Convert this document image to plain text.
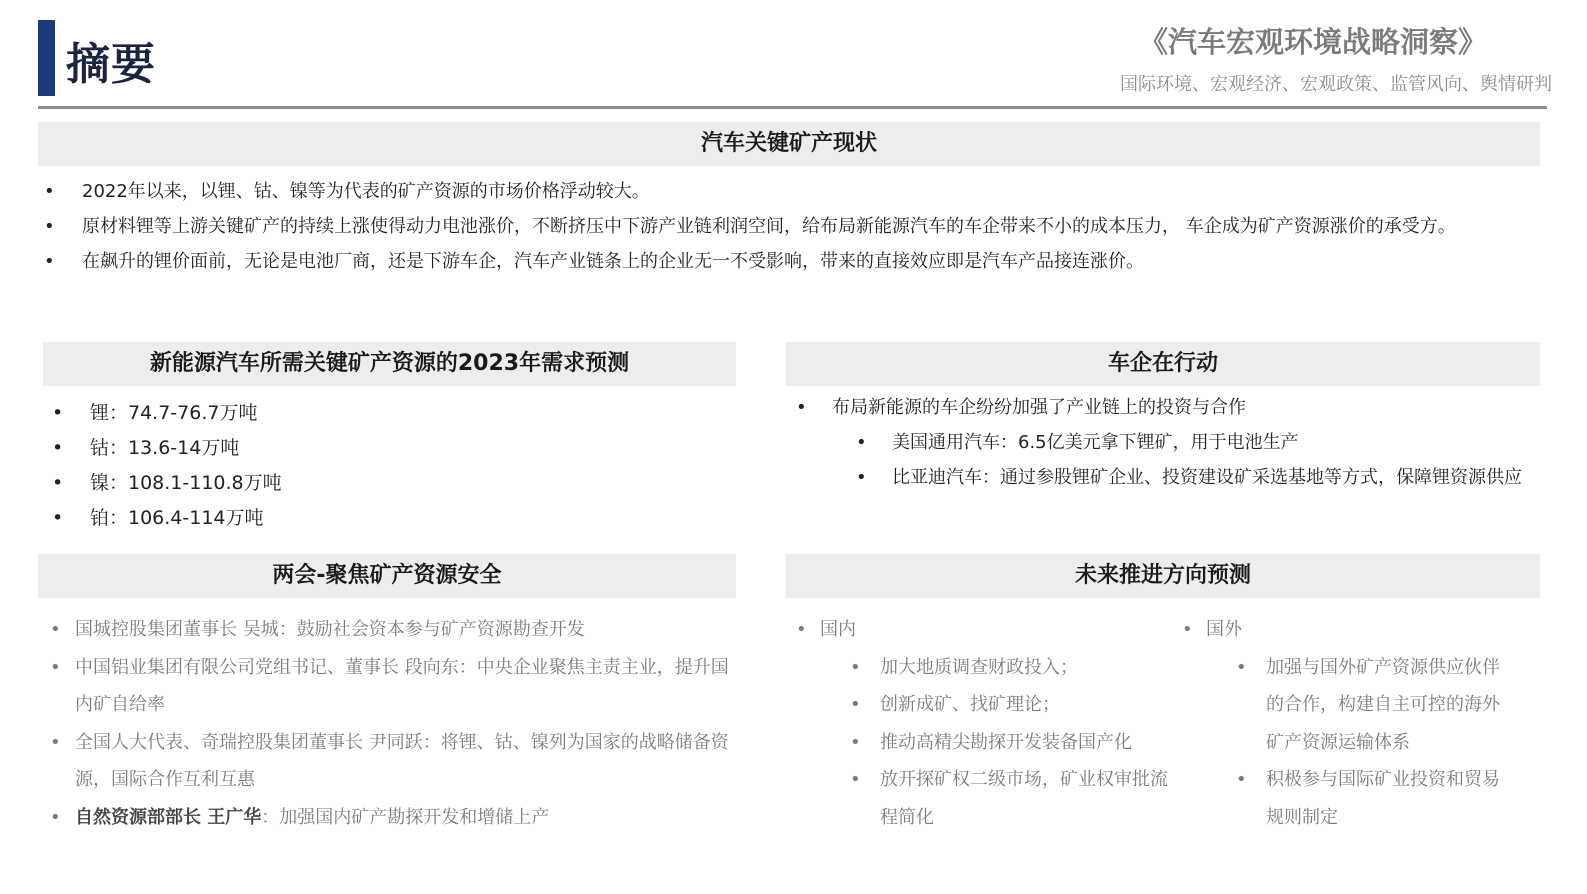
摘要	《汽车宏观环境战略洞察》
国际环境、宏观经济、宏观政策、监管风向、舆情研判
汽车关键矿产现状
• 2022年以来，以锂、钴、镍等为代表的矿产资源的市场价格浮动较大。
• 原材料锂等上游关键矿产的持续上涨使得动力电池涨价，不断挤压中下游产业链利润空间，给布局新能源汽车的车企带来不小的成本压力， 车企成为矿产资源涨价的承受方。
• 在飙升的锂价面前，无论是电池厂商，还是下游车企，汽车产业链条上的企业无一不受影响，带来的直接效应即是汽车产品接连涨价。
新能源汽车所需关键矿产资源的2023年需求预测
• 锂：74.7-76.7万吨
• 钴：13.6-14万吨
• 镍：108.1-110.8万吨
• 铂：106.4-114万吨
车企在行动
• 布局新能源的车企纷纷加强了产业链上的投资与合作
• 美国通用汽车：6.5亿美元拿下锂矿，用于电池生产
• 比亚迪汽车：通过参股锂矿企业、投资建设矿采选基地等方式，保障锂资源供应
两会-聚焦矿产资源安全
• 国城控股集团董事长 吴城：鼓励社会资本参与矿产资源勘查开发
• 中国铝业集团有限公司党组书记、董事长 段向东：中央企业聚焦主责主业，提升国内矿自给率
• 全国人大代表、奇瑞控股集团董事长 尹同跃：将锂、钴、镍列为国家的战略储备资源，国际合作互利互惠
• 自然资源部部长 王广华：加强国内矿产勘探开发和增储上产
未来推进方向预测
• 国内
• 加大地质调查财政投入；
• 创新成矿、找矿理论；
• 推动高精尖勘探开发装备国产化
• 放开探矿权二级市场，矿业权审批流程简化
• 国外
• 加强与国外矿产资源供应伙伴的合作，构建自主可控的海外矿产资源运输体系
• 积极参与国际矿业投资和贸易规则制定
